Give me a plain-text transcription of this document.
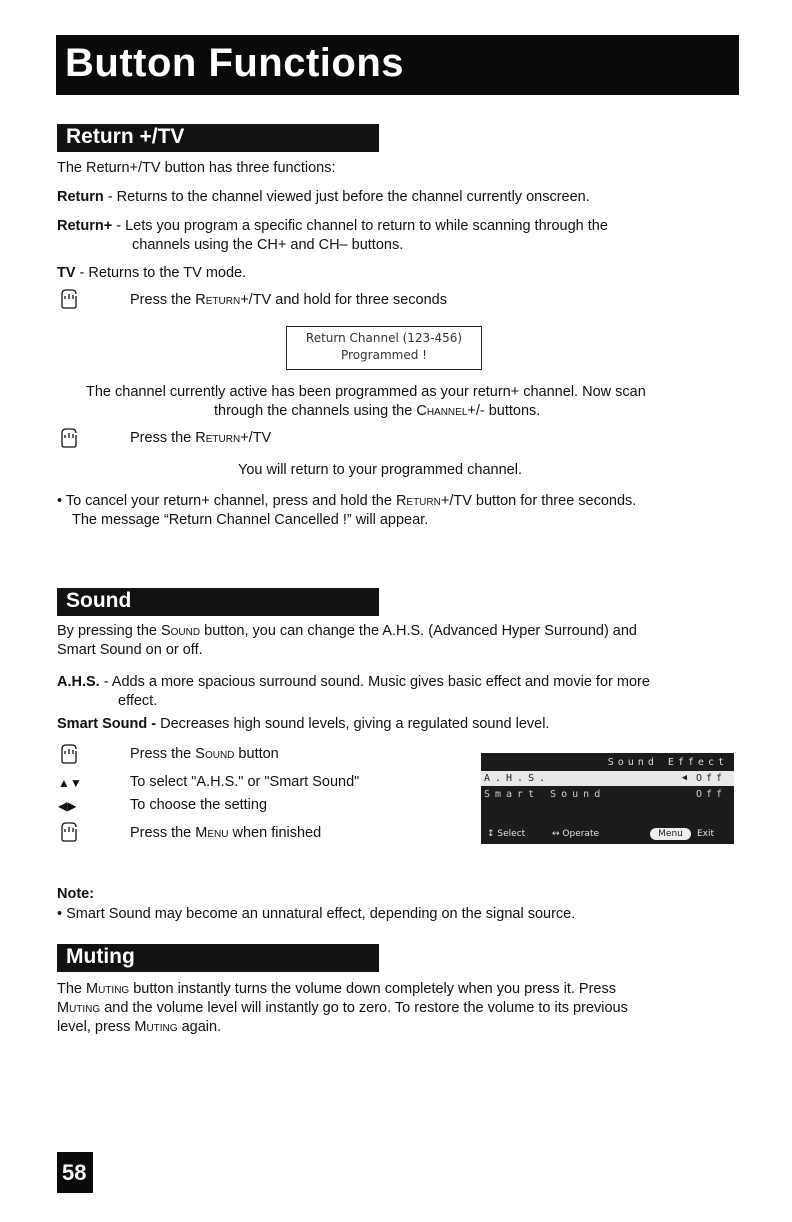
Button Functions
Return +/TV
The Return+/TV button has three functions:
Return - Returns to the channel viewed just before the channel currently onscreen.
Return+ - Lets you program a specific channel to return to while scanning through the
channels using the CH+ and CH– buttons.
TV - Returns to the TV mode.
Press the Return+/TV and hold for three seconds
Return Channel (123-456)
Programmed !
The channel currently active has been programmed as your return+ channel. Now scan
through the channels using the Channel+/- buttons.
Press the Return+/TV
You will return to your programmed channel.
• To cancel your return+ channel, press and hold the Return+/TV button for three seconds.
The message “Return Channel Cancelled !” will appear.
Sound
By pressing the Sound button, you can change the A.H.S. (Advanced Hyper Surround) and
Smart Sound on or off.
A.H.S. - Adds a more spacious surround sound. Music gives basic effect and movie for more
effect.
Smart Sound - Decreases high sound levels, giving a regulated sound level.
Press the Sound button
▲▼	To select "A.H.S." or "Smart Sound"
◀▶	To choose the setting
Press the Menu when finished
Sound Effect
A.H.S.	◀ Off
Smart Sound	Off
↕ Select	↔ Operate	Menu	Exit
Note:
• Smart Sound may become an unnatural effect, depending on the signal source.
Muting
The Muting button instantly turns the volume down completely when you press it. Press
Muting and the volume level will instantly go to zero. To restore the volume to its previous
level, press Muting again.
58
